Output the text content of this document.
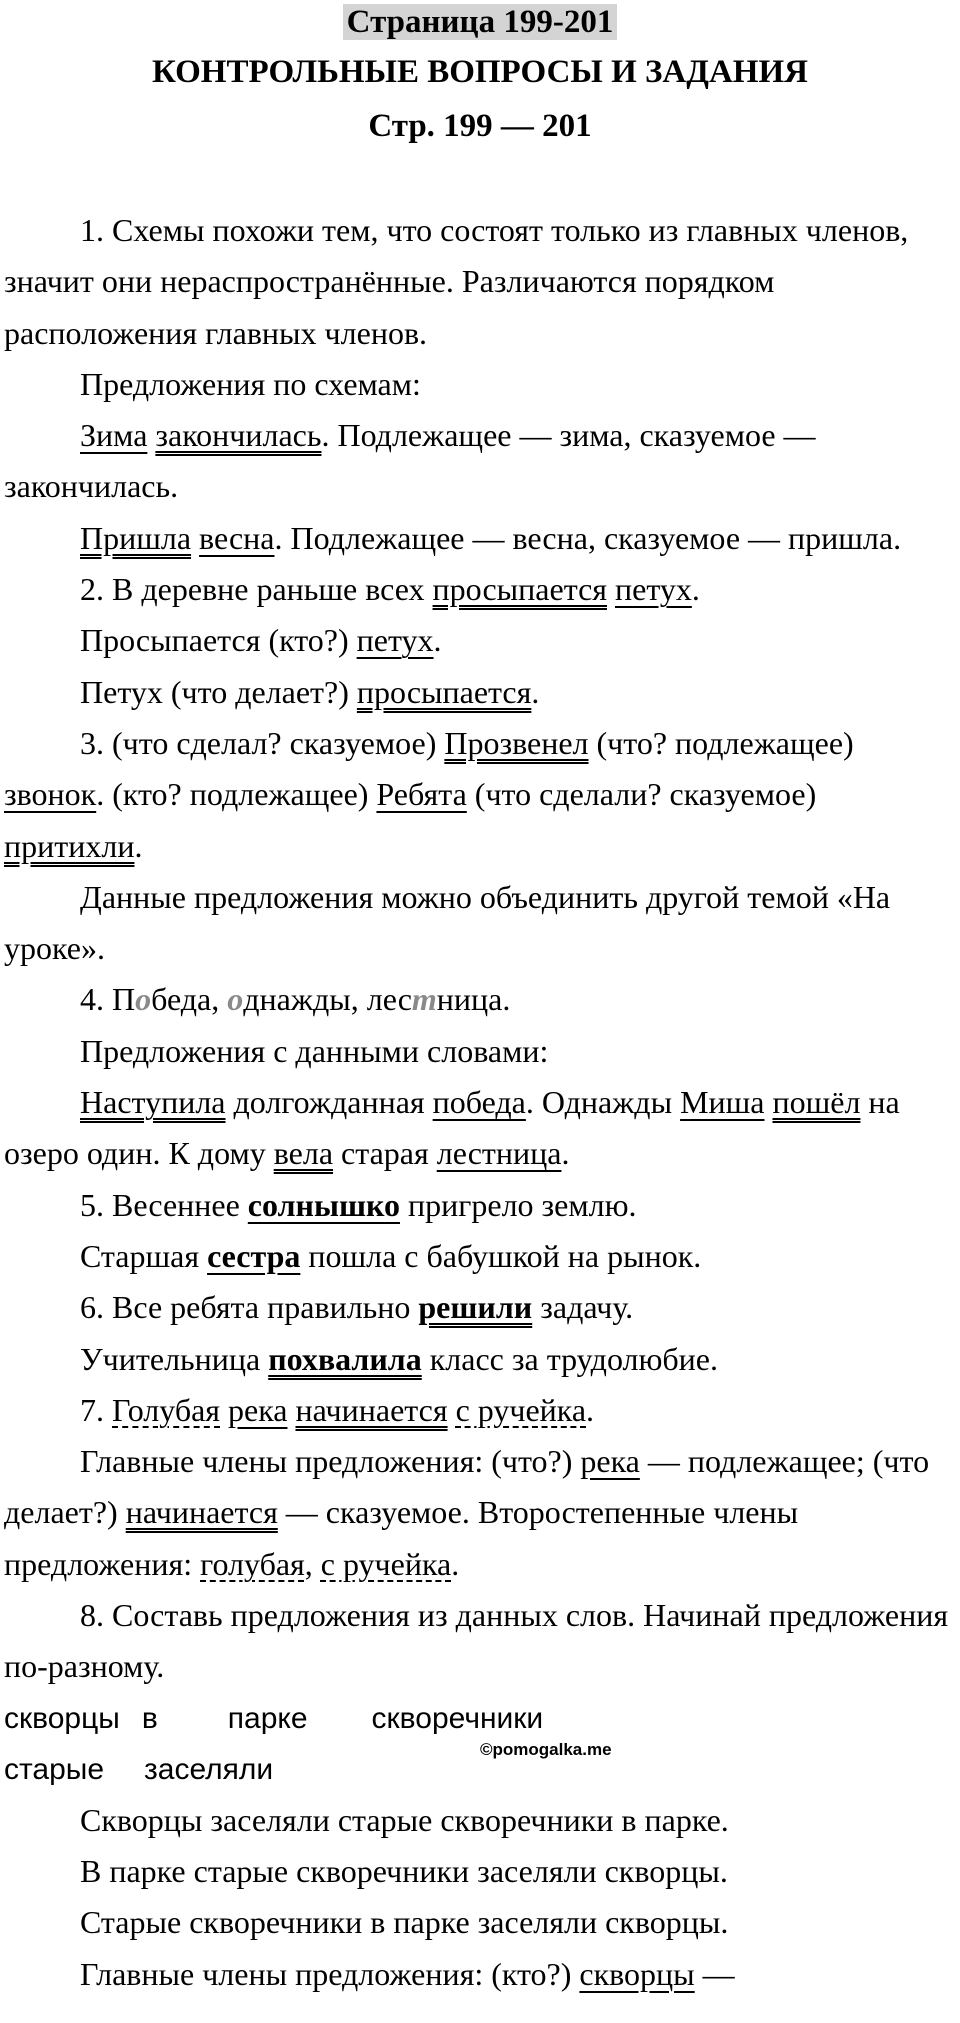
Страница 199-201
КОНТРОЛЬНЫЕ ВОПРОСЫ И ЗАДАНИЯ
Стр. 199 — 201

1. Схемы похожи тем, что состоят только из главных членов, значит они нераспространённые. Различаются порядком расположения главных членов.

Предложения по схемам:

Зима закончилась. Подлежащее — зима, сказуемое — закончилась.

Пришла весна. Подлежащее — весна, сказуемое — пришла.

2. В деревне раньше всех просыпается петух.

Просыпается (кто?) петух.

Петух (что делает?) просыпается.

3. (что сделал? сказуемое) Прозвенел (что? подлежащее) звонок. (кто? подлежащее) Ребята (что сделали? сказуемое) притихли.

Данные предложения можно объединить другой темой «На уроке».

4. Победа, однажды, лестница.

Предложения с данными словами:

Наступила долгожданная победа. Однажды Миша пошёл на озеро один. К дому вела старая лестница.

5. Весеннее солнышко пригрело землю.

Старшая сестра пошла с бабушкой на рынок.

6. Все ребята правильно решили задачу.

Учительница похвалила класс за трудолюбие.

7. Голубая река начинается с ручейка.

Главные члены предложения: (что?) река — подлежащее; (что делает?) начинается — сказуемое. Второстепенные члены предложения: голубая, с ручейка.

8. Составь предложения из данных слов. Начинай предложения по-разному.

скворцы в парке скворечники
старые заселяли
©pomogalka.me

Скворцы заселяли старые скворечники в парке.

В парке старые скворечники заселяли скворцы.

Старые скворечники в парке заселяли скворцы.

Главные члены предложения: (кто?) скворцы —
